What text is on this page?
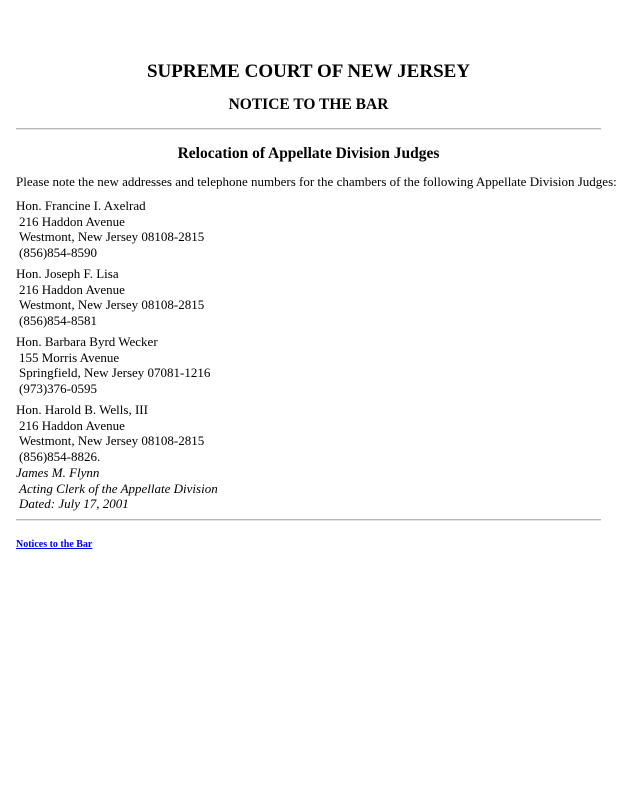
SUPREME COURT OF NEW JERSEY
NOTICE TO THE BAR
Relocation of Appellate Division Judges
Please note the new addresses and telephone numbers for the chambers of the following Appellate Division Judges:
Hon. Francine I. Axelrad
216 Haddon Avenue
Westmont, New Jersey 08108-2815
(856)854-8590
Hon. Joseph F. Lisa
216 Haddon Avenue
Westmont, New Jersey 08108-2815
(856)854-8581
Hon. Barbara Byrd Wecker
155 Morris Avenue
Springfield, New Jersey 07081-1216
(973)376-0595
Hon. Harold B. Wells, III
216 Haddon Avenue
Westmont, New Jersey 08108-2815
(856)854-8826.
James M. Flynn
Acting Clerk of the Appellate Division
Dated: July 17, 2001
Notices to the Bar
